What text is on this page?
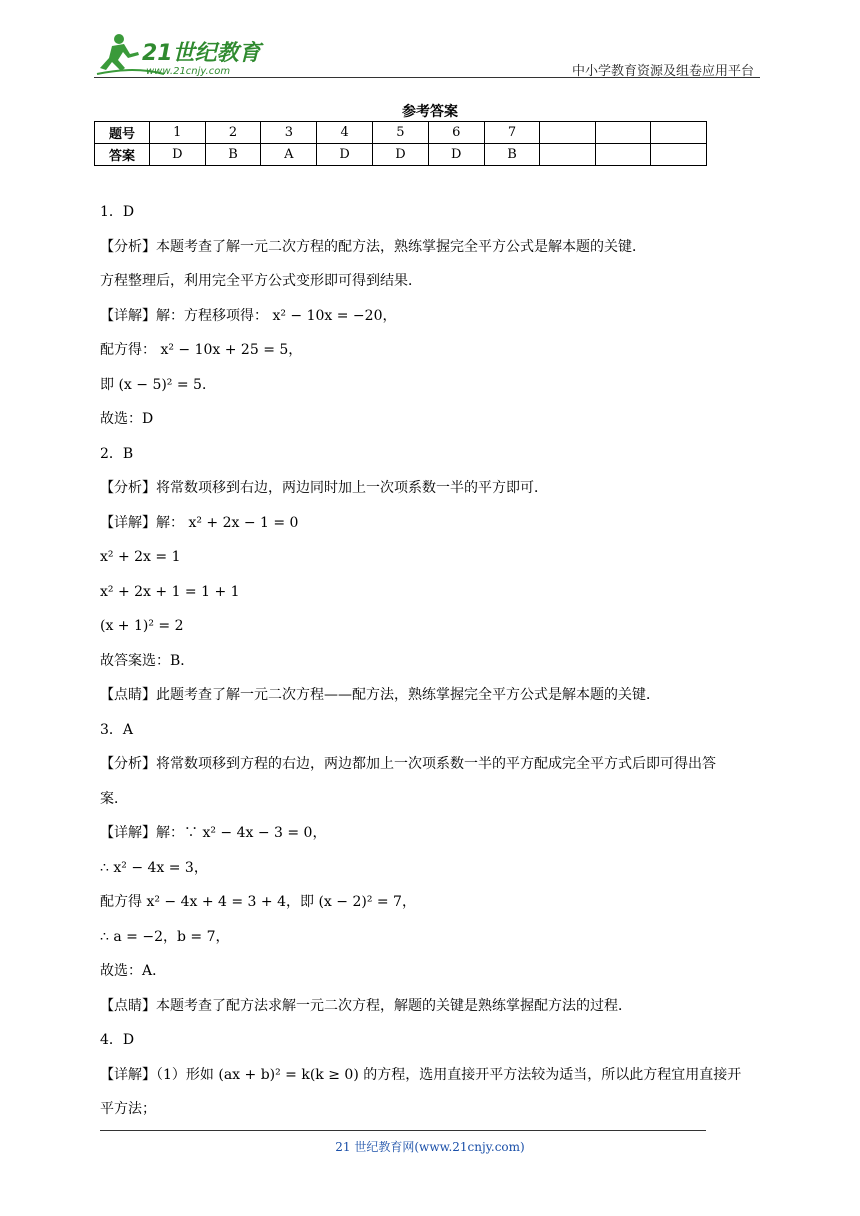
21世纪教育
www.21cnjy.com	中小学教育资源及组卷应用平台
参考答案
题号	1	2	3	4	5	6	7			
答案	D	B	A	D	D	D	B			
1．D
【分析】本题考查了解一元二次方程的配方法，熟练掌握完全平方公式是解本题的关键．
方程整理后，利用完全平方公式变形即可得到结果．
【详解】解：方程移项得： x² − 10x = −20，
配方得： x² − 10x + 25 = 5，
即 (x − 5)² = 5．
故选：D
2．B
【分析】将常数项移到右边，两边同时加上一次项系数一半的平方即可．
【详解】解： x² + 2x − 1 = 0
x² + 2x = 1
x² + 2x + 1 = 1 + 1
(x + 1)² = 2
故答案选：B．
【点睛】此题考查了解一元二次方程——配方法，熟练掌握完全平方公式是解本题的关键．
3．A
【分析】将常数项移到方程的右边，两边都加上一次项系数一半的平方配成完全平方式后即可得出答
案．
【详解】解：∵ x² − 4x − 3 = 0，
∴ x² − 4x = 3，
配方得 x² − 4x + 4 = 3 + 4，即 (x − 2)² = 7，
∴ a = −2，b = 7，
故选：A．
【点睛】本题考查了配方法求解一元二次方程，解题的关键是熟练掌握配方法的过程．
4．D
【详解】（1）形如 (ax + b)² = k(k ≥ 0) 的方程，选用直接开平方法较为适当，所以此方程宜用直接开
平方法；
21 世纪教育网(www.21cnjy.com)
